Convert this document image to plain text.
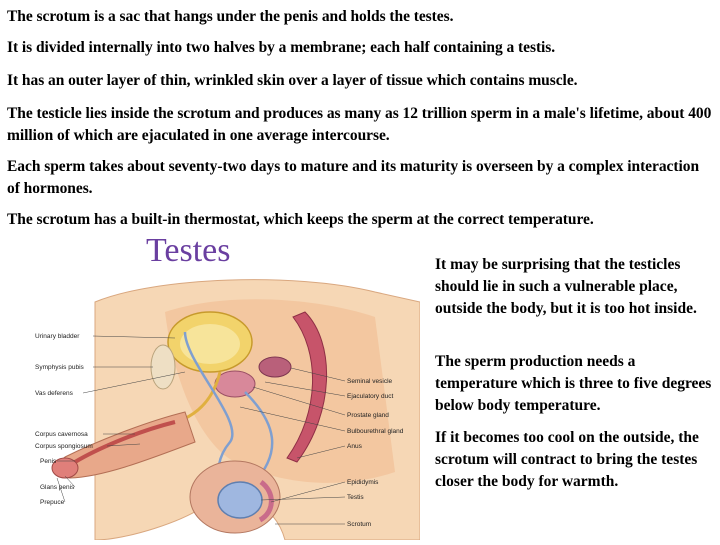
The scrotum is a sac that hangs under the penis and holds the testes.

It is divided internally into two halves by a membrane; each half containing a testis.

It has an outer layer of thin, wrinkled skin over a layer of tissue which contains muscle.

The testicle lies inside the scrotum and produces as many as 12 trillion sperm in a male's lifetime, about 400 million of which are ejaculated in one average intercourse.

Each sperm takes about seventy-two days to mature and its maturity is overseen by a complex interaction of hormones.

The scrotum has a built-in thermostat, which keeps the sperm at the correct temperature.

Testes
Urinary bladder
Symphysis pubis
Vas deferens
Corpus cavernosa
Corpus spongiosum
Penis
Glans penis
Prepuce
Seminal vesicle
Ejaculatory duct
Prostate gland
Bulbourethral gland
Anus
Epididymis
Testis
Scrotum

It may be surprising that the testicles should lie in such a vulnerable place, outside the body, but it is too hot inside.

The sperm production needs a temperature which is three to five degrees below body temperature.

If it becomes too cool on the outside, the scrotum will contract to bring the testes closer the body for warmth.
